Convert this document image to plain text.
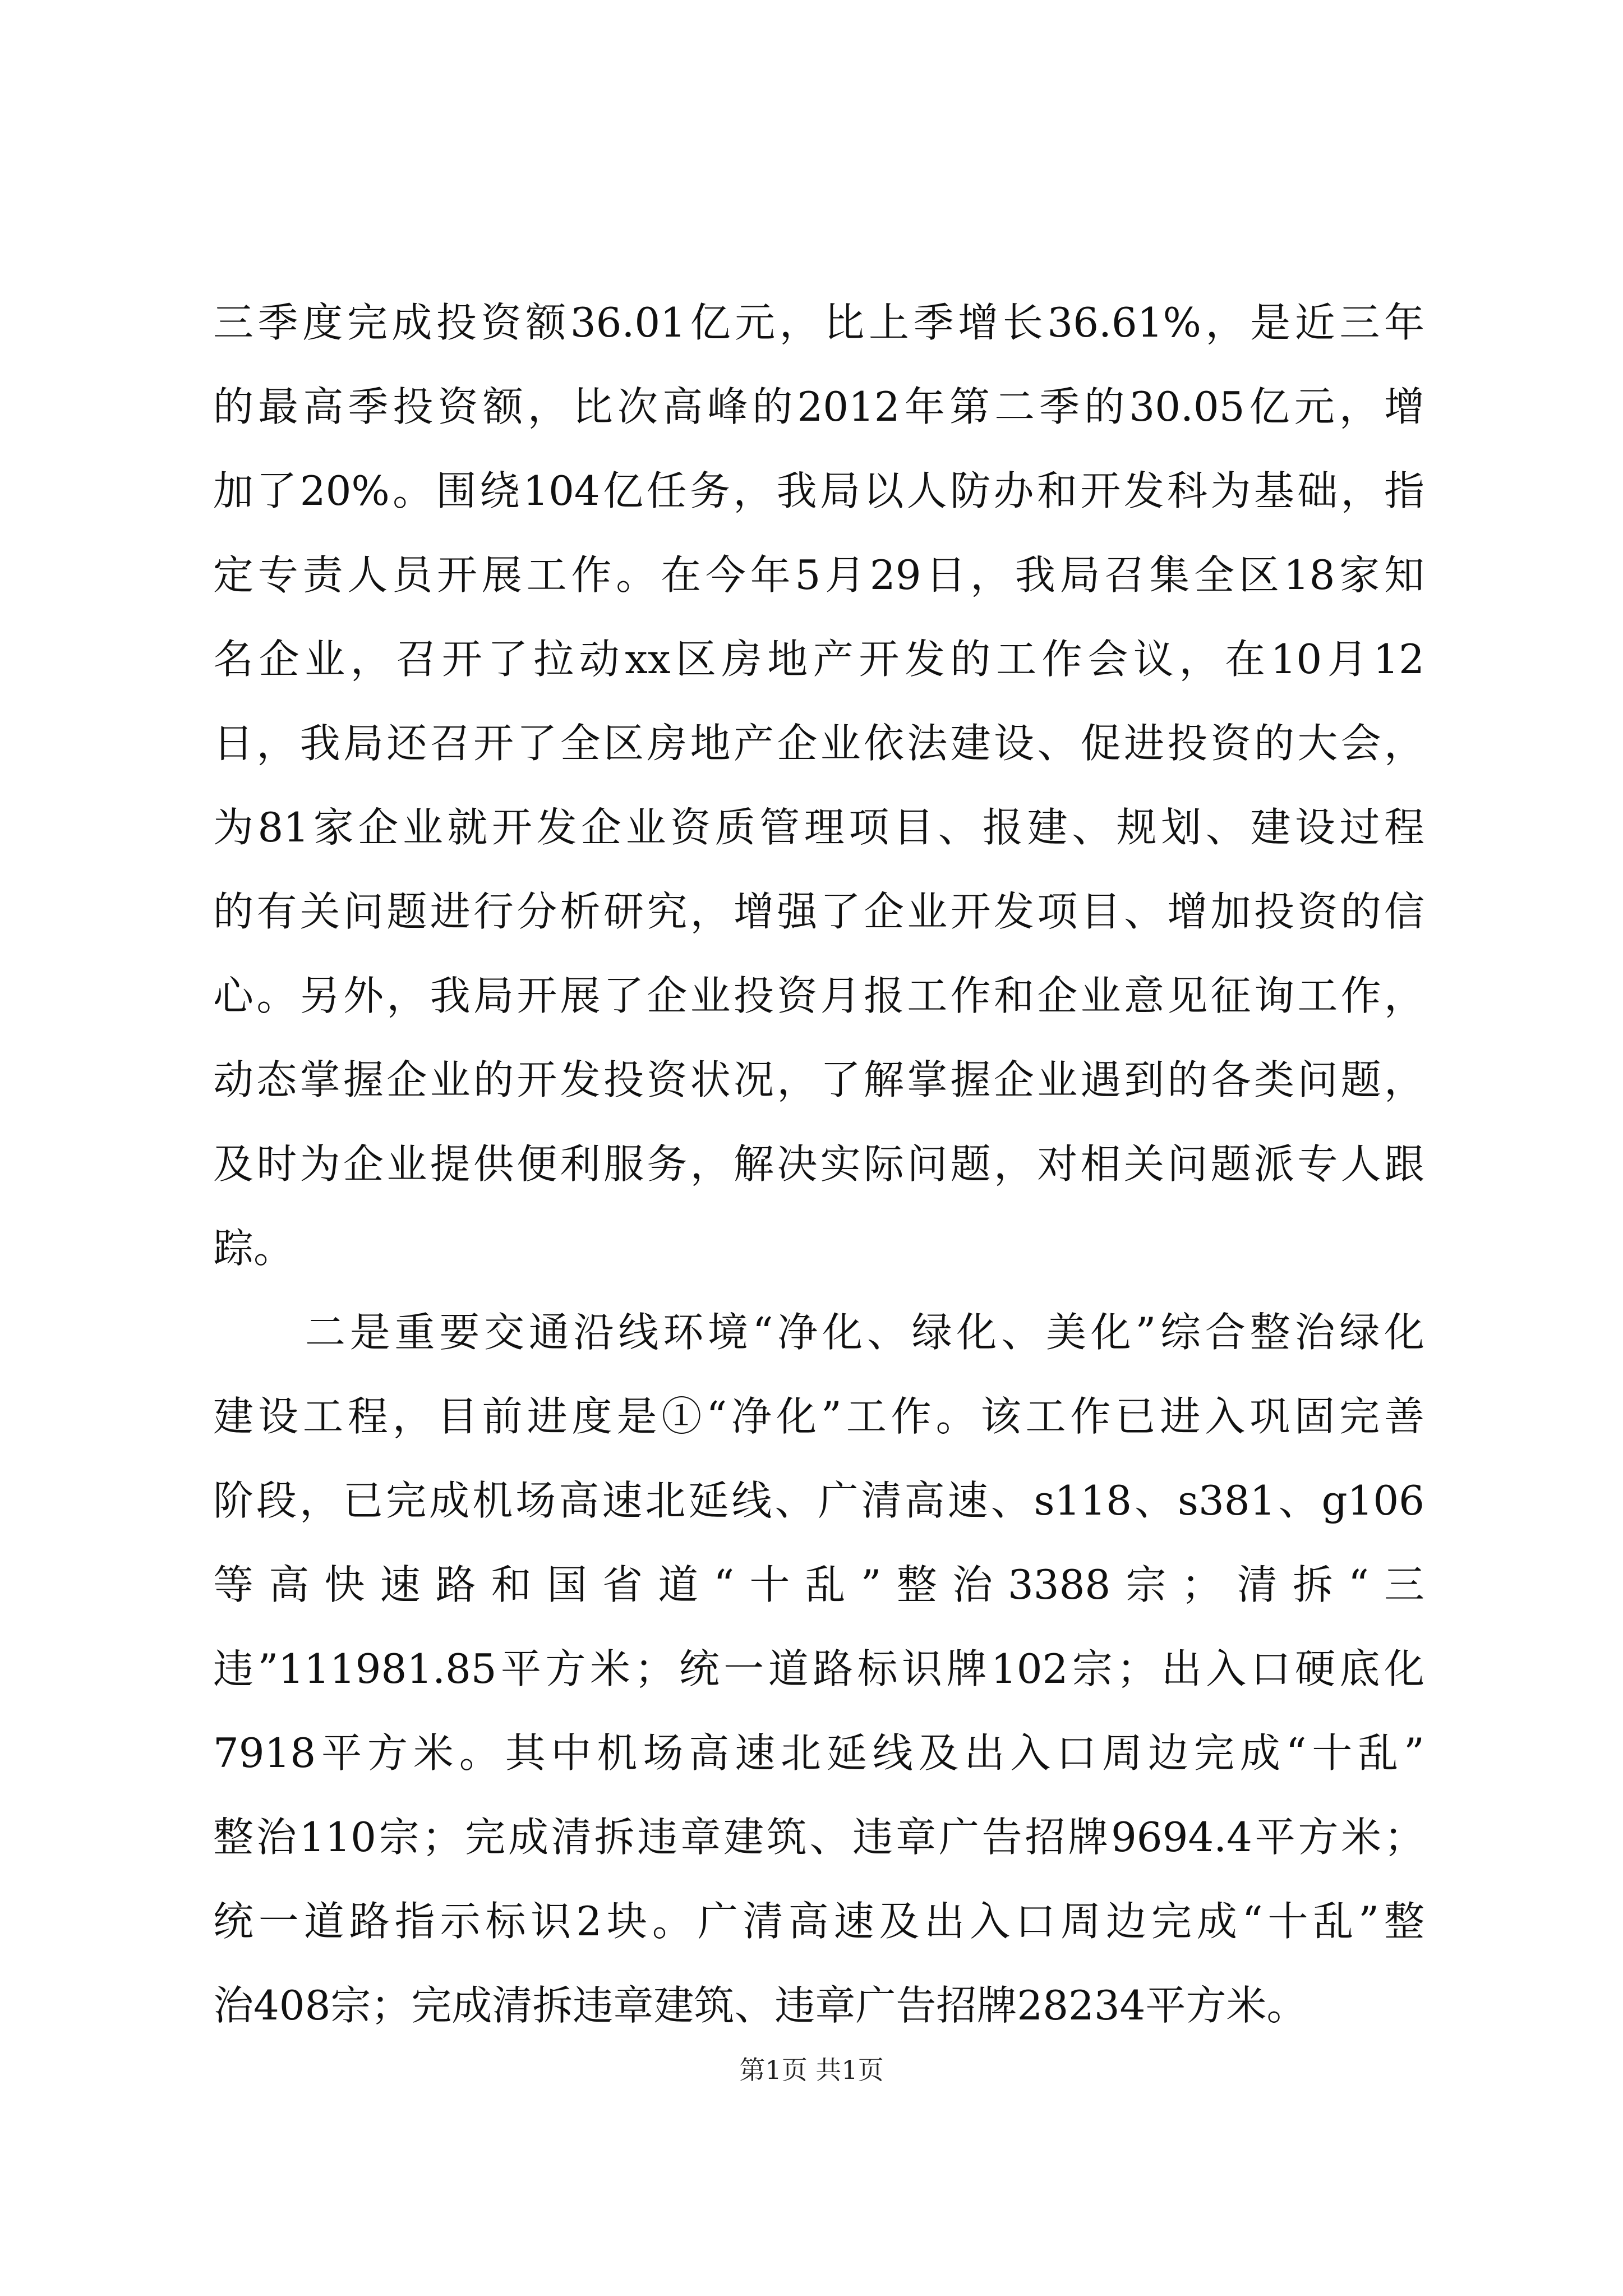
三季度完成投资额36.01亿元，比上季增长36.61%，是近三年
的最高季投资额，比次高峰的2012年第二季的30.05亿元，增
加了20%。围绕104亿任务，我局以人防办和开发科为基础，指
定专责人员开展工作。在今年5月29日，我局召集全区18家知
名企业，召开了拉动xx区房地产开发的工作会议，在10月12
日，我局还召开了全区房地产企业依法建设、促进投资的大会，
为81家企业就开发企业资质管理项目、报建、规划、建设过程
的有关问题进行分析研究，增强了企业开发项目、增加投资的信
心。另外，我局开展了企业投资月报工作和企业意见征询工作，
动态掌握企业的开发投资状况，了解掌握企业遇到的各类问题，
及时为企业提供便利服务，解决实际问题，对相关问题派专人跟
踪。
二是重要交通沿线环境“净化、绿化、美化”综合整治绿化
建设工程，目前进度是①“净化”工作。该工作已进入巩固完善
阶段，已完成机场高速北延线、广清高速、s118、s381、g106
等高快速路和国省道“十乱”整治3388宗；清拆“三
违”111981.85平方米；统一道路标识牌102宗；出入口硬底化
7918平方米。其中机场高速北延线及出入口周边完成“十乱”
整治110宗；完成清拆违章建筑、违章广告招牌9694.4平方米；
统一道路指示标识2块。广清高速及出入口周边完成“十乱”整
治408宗；完成清拆违章建筑、违章广告招牌28234平方米。
第1页 共1页
